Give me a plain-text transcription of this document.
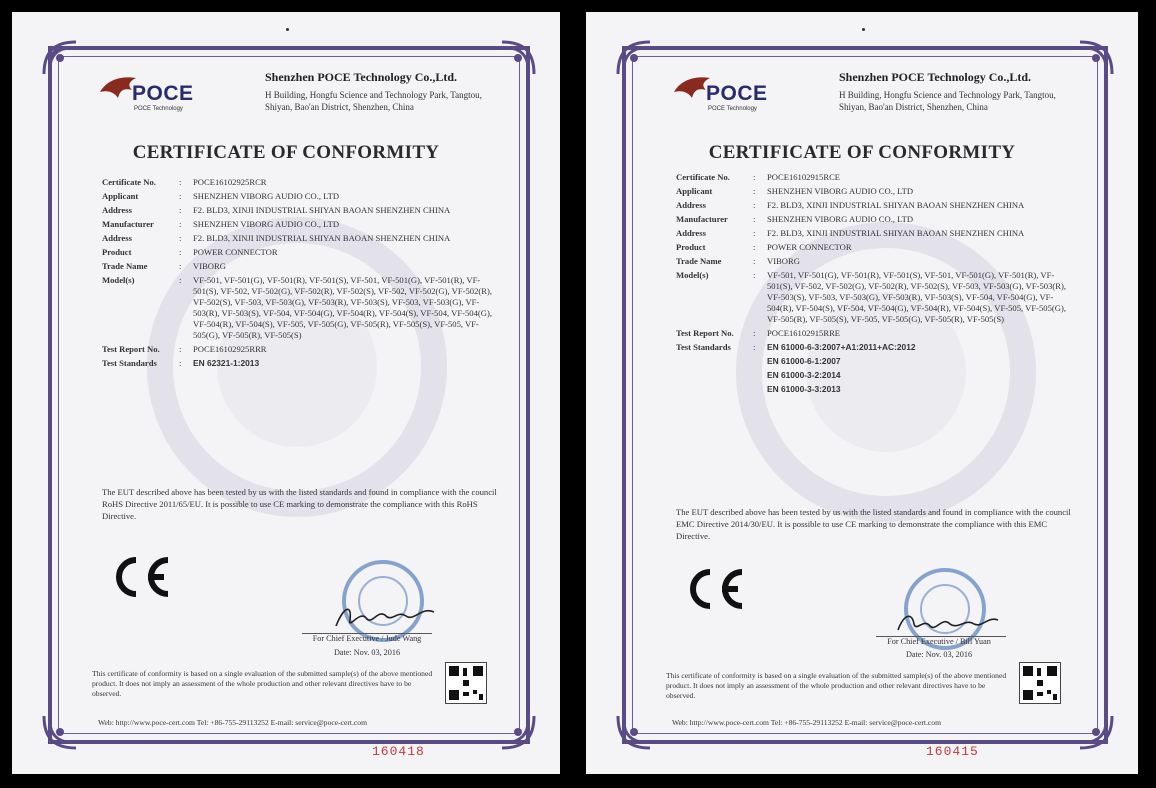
POCE
POCE Technology
Shenzhen POCE Technology Co.,Ltd.
H Building, Hongfu Science and Technology Park, Tangtou, Shiyan, Bao'an District, Shenzhen, China
CERTIFICATE OF CONFORMITY
Certificate No.	:	POCE16102925RCR
Applicant	:	SHENZHEN VIBORG AUDIO CO., LTD
Address	:	F2. BLD3, XINJI INDUSTRIAL SHIYAN BAOAN SHENZHEN CHINA
Manufacturer	:	SHENZHEN VIBORG AUDIO CO., LTD
Address	:	F2. BLD3, XINJI INDUSTRIAL SHIYAN BAOAN SHENZHEN CHINA
Product	:	POWER CONNECTOR
Trade Name	:	VIBORG
Model(s)	:	VF-501, VF-501(G), VF-501(R), VF-501(S), VF-501, VF-501(G), VF-501(R), VF-501(S), VF-502, VF-502(G), VF-502(R), VF-502(S), VF-502, VF-502(G), VF-502(R), VF-502(S), VF-503, VF-503(G), VF-503(R), VF-503(S), VF-503, VF-503(G), VF-503(R), VF-503(S), VF-504, VF-504(G), VF-504(R), VF-504(S), VF-504, VF-504(G), VF-504(R), VF-504(S), VF-505, VF-505(G), VF-505(R), VF-505(S), VF-505, VF-505(G), VF-505(R), VF-505(S)
Test Report No.	:	POCE16102925RRR
Test Standards	:	EN 62321-1:2013
The EUT described above has been tested by us with the listed standards and found in compliance with the council RoHS Directive 2011/65/EU. It is possible to use CE marking to demonstrate the compliance with this RoHS Directive.
For Chief Executive / Jude Wang
Date: Nov. 03, 2016
This certificate of conformity is based on a single evaluation of the submitted sample(s) of the above mentioned product. It does not imply an assessment of the whole production and other relevant directives have to be observed.
Web: http://www.poce-cert.com Tel: +86-755-29113252 E-mail: service@poce-cert.com
160418
POCE
POCE Technology
Shenzhen POCE Technology Co.,Ltd.
H Building, Hongfu Science and Technology Park, Tangtou, Shiyan, Bao'an District, Shenzhen, China
CERTIFICATE OF CONFORMITY
Certificate No.	:	POCE16102915RCE
Applicant	:	SHENZHEN VIBORG AUDIO CO., LTD
Address	:	F2. BLD3, XINJI INDUSTRIAL SHIYAN BAOAN SHENZHEN CHINA
Manufacturer	:	SHENZHEN VIBORG AUDIO CO., LTD
Address	:	F2. BLD3, XINJI INDUSTRIAL SHIYAN BAOAN SHENZHEN CHINA
Product	:	POWER CONNECTOR
Trade Name	:	VIBORG
Model(s)	:	VF-501, VF-501(G), VF-501(R), VF-501(S), VF-501, VF-501(G), VF-501(R), VF-501(S), VF-502, VF-502(G), VF-502(R), VF-502(S), VF-503, VF-503(G), VF-503(R), VF-503(S), VF-503, VF-503(G), VF-503(R), VF-503(S), VF-504, VF-504(G), VF-504(R), VF-504(S), VF-504, VF-504(G), VF-504(R), VF-504(S), VF-505, VF-505(G), VF-505(R), VF-505(S), VF-505, VF-505(G), VF-505(R), VF-505(S)
Test Report No.	:	POCE16102915RRE
Test Standards	:	EN 61000-6-3:2007+A1:2011+AC:2012
EN 61000-6-1:2007
EN 61000-3-2:2014
EN 61000-3-3:2013
The EUT described above has been tested by us with the listed standards and found in compliance with the council EMC Directive 2014/30/EU. It is possible to use CE marking to demonstrate the compliance with this EMC Directive.
For Chief Executive / Bill Yuan
Date: Nov. 03, 2016
This certificate of conformity is based on a single evaluation of the submitted sample(s) of the above mentioned product. It does not imply an assessment of the whole production and other relevant directives have to be observed.
Web: http://www.poce-cert.com Tel: +86-755-29113252 E-mail: service@poce-cert.com
160415
